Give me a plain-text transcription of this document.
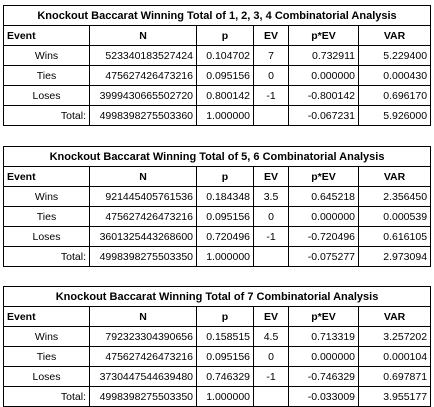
Knockout Baccarat Winning Total of 1, 2, 3, 4 Combinatorial Analysis					
Event	N	p	EV	p*EV	VAR
Wins	523340183527424	0.104702	7	0.732911	5.229400
Ties	475627426473216	0.095156	0	0.000000	0.000430
Loses	3999430665502720	0.800142	-1	-0.800142	0.696170
Total:	4998398275503360	1.000000		-0.067231	5.926000
Knockout Baccarat Winning Total of 5, 6 Combinatorial Analysis					
Event	N	p	EV	p*EV	VAR
Wins	921445405761536	0.184348	3.5	0.645218	2.356450
Ties	475627426473216	0.095156	0	0.000000	0.000539
Loses	3601325443268600	0.720496	-1	-0.720496	0.616105
Total:	4998398275503350	1.000000		-0.075277	2.973094
Knockout Baccarat Winning Total of 7 Combinatorial Analysis					
Event	N	p	EV	p*EV	VAR
Wins	792323304390656	0.158515	4.5	0.713319	3.257202
Ties	475627426473216	0.095156	0	0.000000	0.000104
Loses	3730447544639480	0.746329	-1	-0.746329	0.697871
Total:	4998398275503350	1.000000		-0.033009	3.955177
